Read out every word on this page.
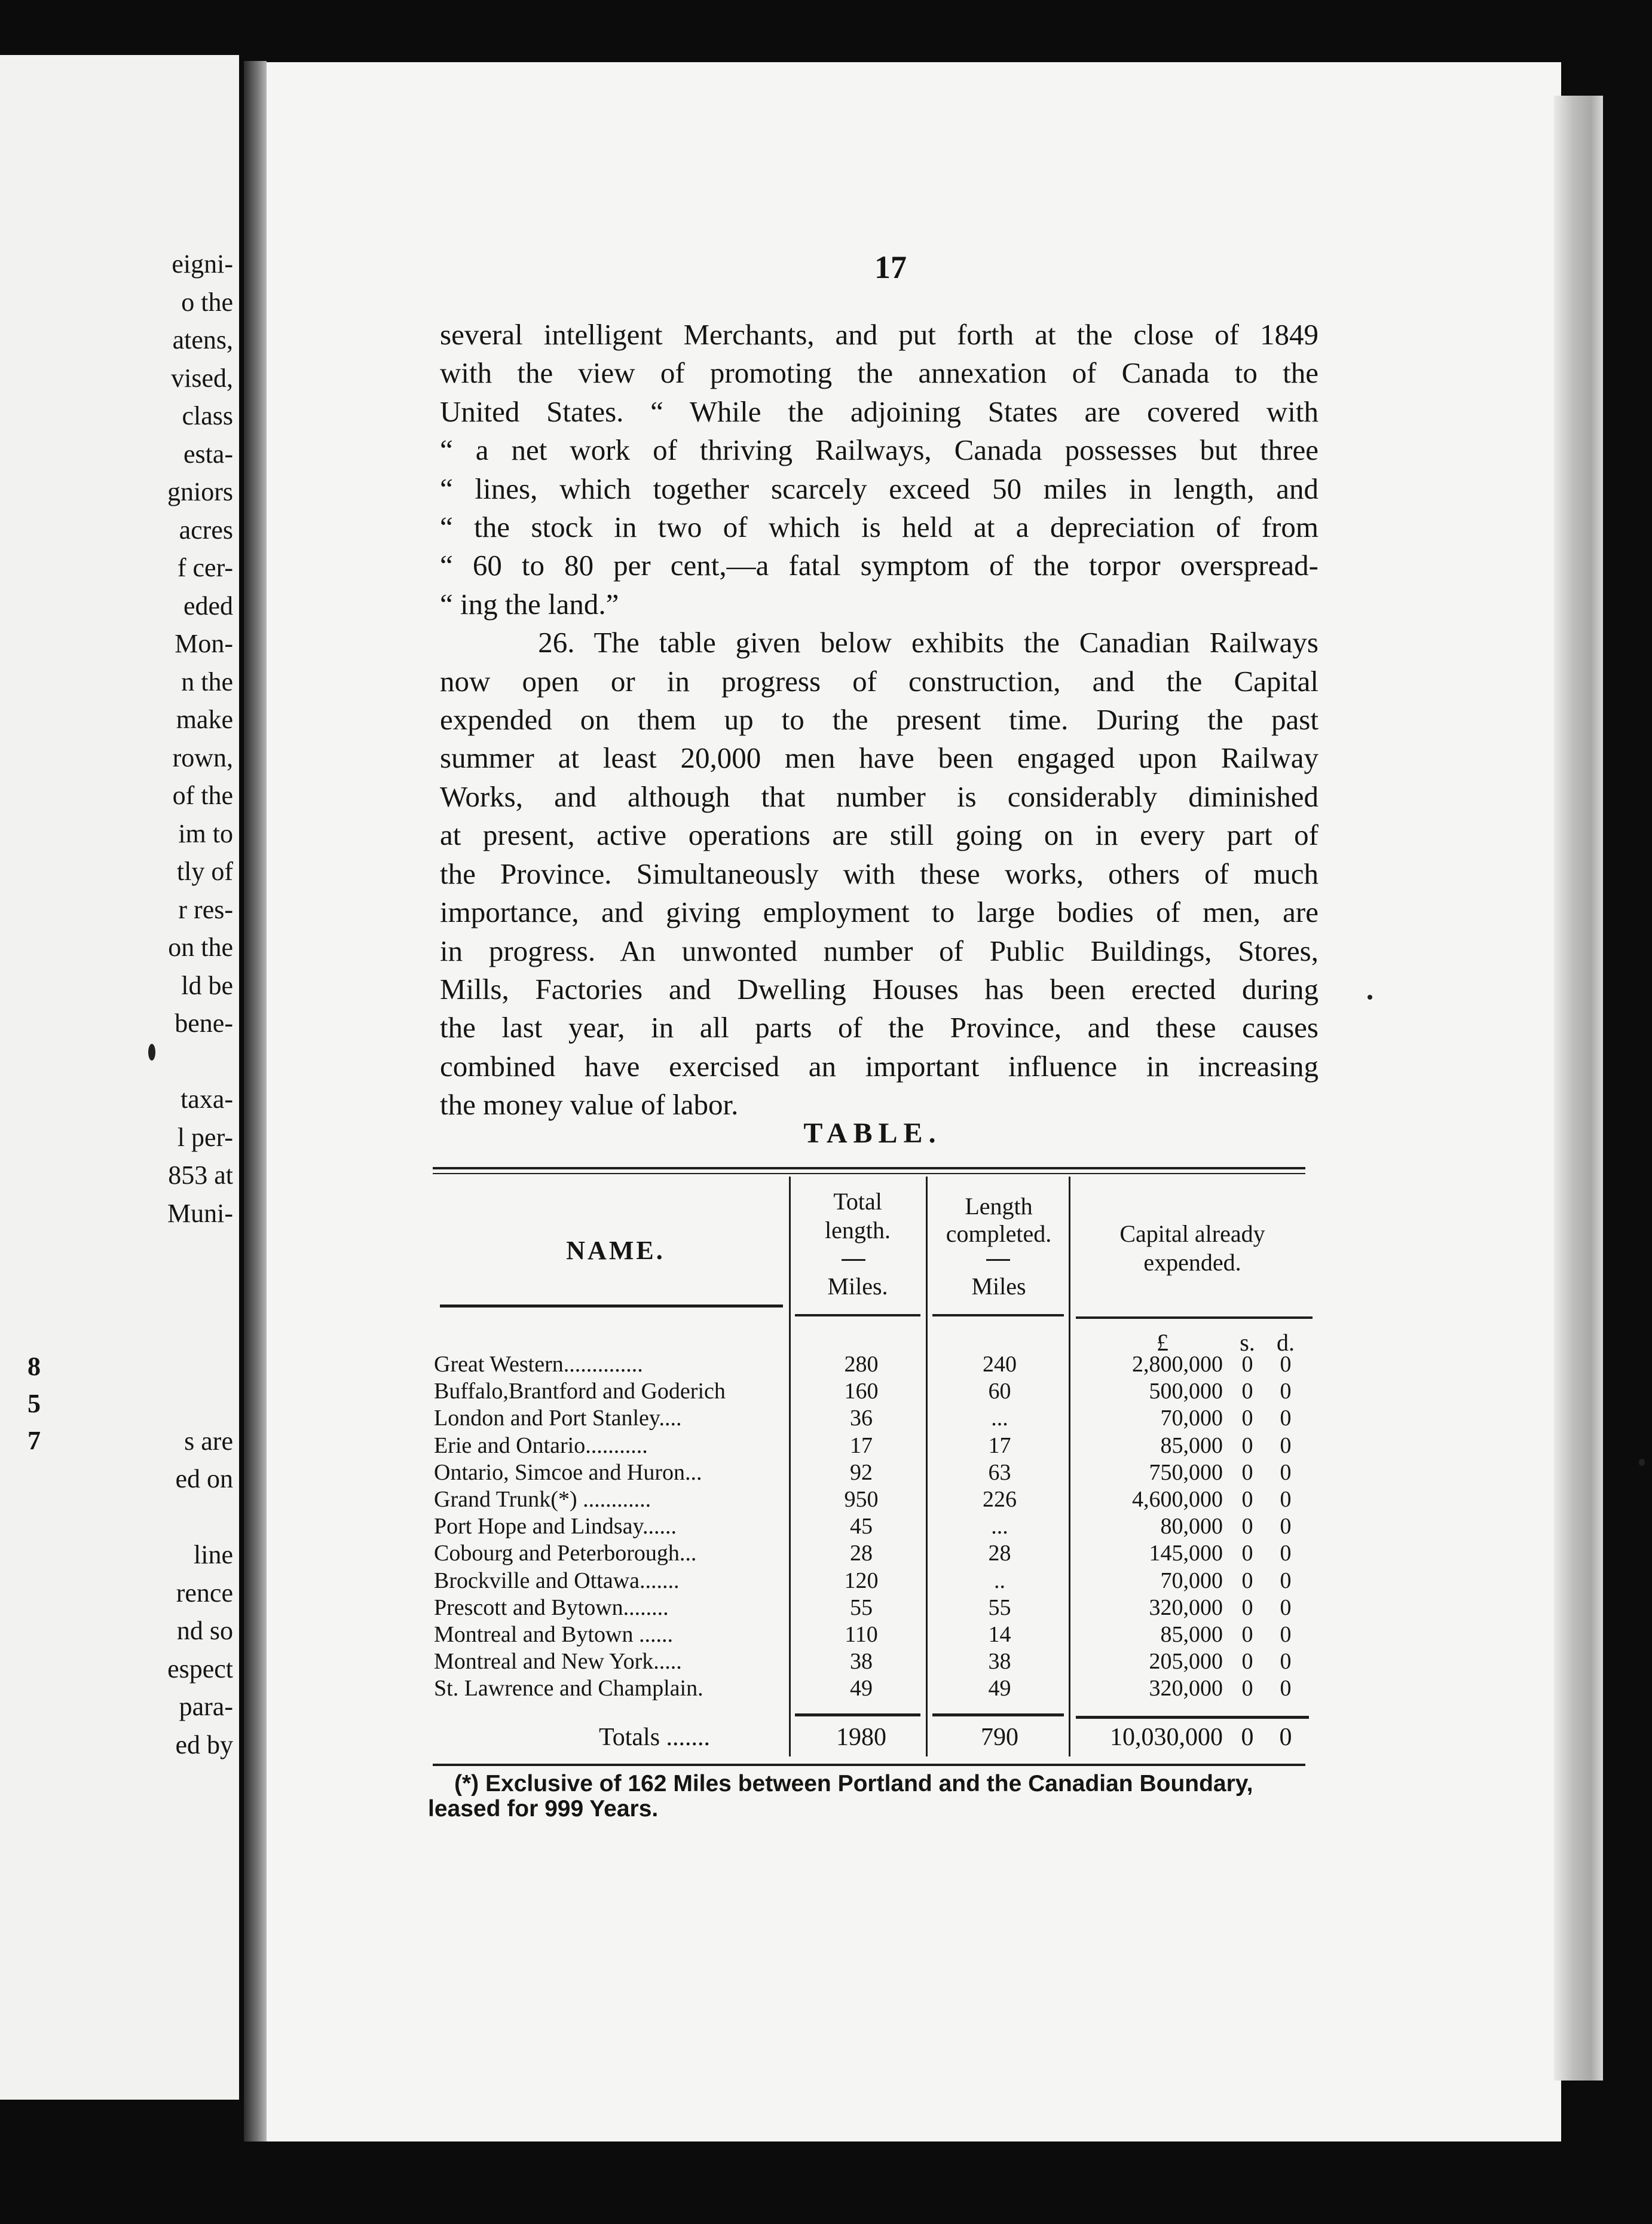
eigni-
o the
atens,
vised,
class
esta-
gniors
acres
f cer-
eded
Mon-
n the
make
rown,
of the
im to
tly of
r res-
on the
ld be
bene-
taxa-
l per-
853 at
Muni-
s are
ed on
line
rence
nd so
espect
para-
ed by
8
5
7
17
several intelligent Merchants, and put forth at the close of 1849
with the view of promoting the annexation of Canada to the
United States. “ While the adjoining States are covered with
“ a net work of thriving Railways, Canada possesses but three
“ lines, which together scarcely exceed 50 miles in length, and
“ the stock in two of which is held at a depreciation of from
“ 60 to 80 per cent,—a fatal symptom of the torpor overspread-
“ ing the land.”
26. The table given below exhibits the Canadian Railways
now open or in progress of construction, and the Capital
expended on them up to the present time. During the past
summer at least 20,000 men have been engaged upon Railway
Works, and although that number is considerably diminished
at present, active operations are still going on in every part of
the Province. Simultaneously with these works, others of much
importance, and giving employment to large bodies of men, are
in progress. An unwonted number of Public Buildings, Stores,
Mills, Factories and Dwelling Houses has been erected during
the last year, in all parts of the Province, and these causes
combined have exercised an important influence in increasing
the money value of labor.
TABLE.
NAME.
Total
length.
Miles.
Length
completed.
Miles
Capital already
expended.
£	s. d.
Great Western..............	280	240	2,800,000 0	0
Buffalo,Brantford and Goderich	160	60	500,000 0	0
London and Port Stanley....	36	...	70,000 0	0
Erie and Ontario...........	17	17	85,000 0	0
Ontario, Simcoe and Huron...	92	63	750,000 0	0
Grand Trunk(*) ............	950	226	4,600,000 0	0
Port Hope and Lindsay......	45	...	80,000 0	0
Cobourg and Peterborough...	28	28	145,000 0	0
Brockville and Ottawa.......	120	..	70,000 0	0
Prescott and Bytown........	55	55	320,000 0	0
Montreal and Bytown ......	110	14	85,000 0	0
Montreal and New York.....	38	38	205,000 0	0
St. Lawrence and Champlain.	49	49	320,000 0	0
Totals .......	1980	790	10,030,000 0	0
(*) Exclusive of 162 Miles between Portland and the Canadian Boundary,
leased for 999 Years.
